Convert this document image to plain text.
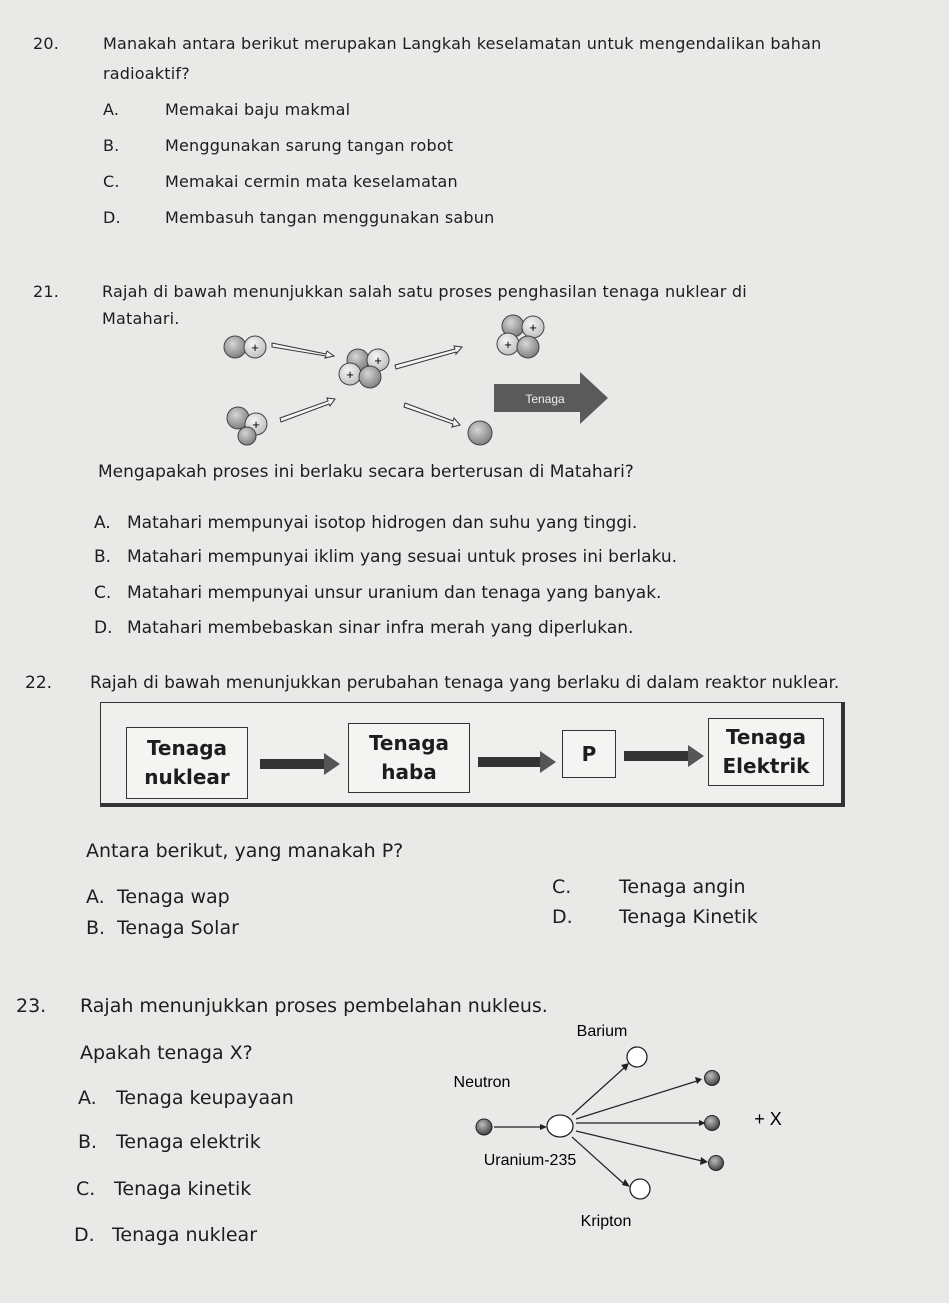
20.	Manakah antara berikut merupakan Langkah keselamatan untuk mengendalikan bahan
radioaktif?
A.	Memakai baju makmal
B.	Menggunakan sarung tangan robot
C.	Memakai cermin mata keselamatan
D.	Membasuh tangan menggunakan sabun
21.	Rajah di bawah menunjukkan salah satu proses penghasilan tenaga nuklear di
Matahari.
+
+
+
+
+
Tenaga
+
Mengapakah proses ini berlaku secara berterusan di Matahari?
A. Matahari mempunyai isotop hidrogen dan suhu yang tinggi.
B. Matahari mempunyai iklim yang sesuai untuk proses ini berlaku.
C. Matahari mempunyai unsur uranium dan tenaga yang banyak.
D. Matahari membebaskan sinar infra merah yang diperlukan.
22. Rajah di bawah menunjukkan perubahan tenaga yang berlaku di dalam reaktor nuklear.
Tenaga
nuklear
Tenaga
haba
P
Tenaga
Elektrik
Antara berikut, yang manakah P?
A. Tenaga wap
B. Tenaga Solar
C.	Tenaga angin
D. Tenaga Kinetik
23. Rajah menunjukkan proses pembelahan nukleus.
Apakah tenaga X?
A. Tenaga keupayaan
B. Tenaga elektrik
C. Tenaga kinetik
D. Tenaga nuklear
Barium
Neutron
Uranium-235
+ X
Kripton
